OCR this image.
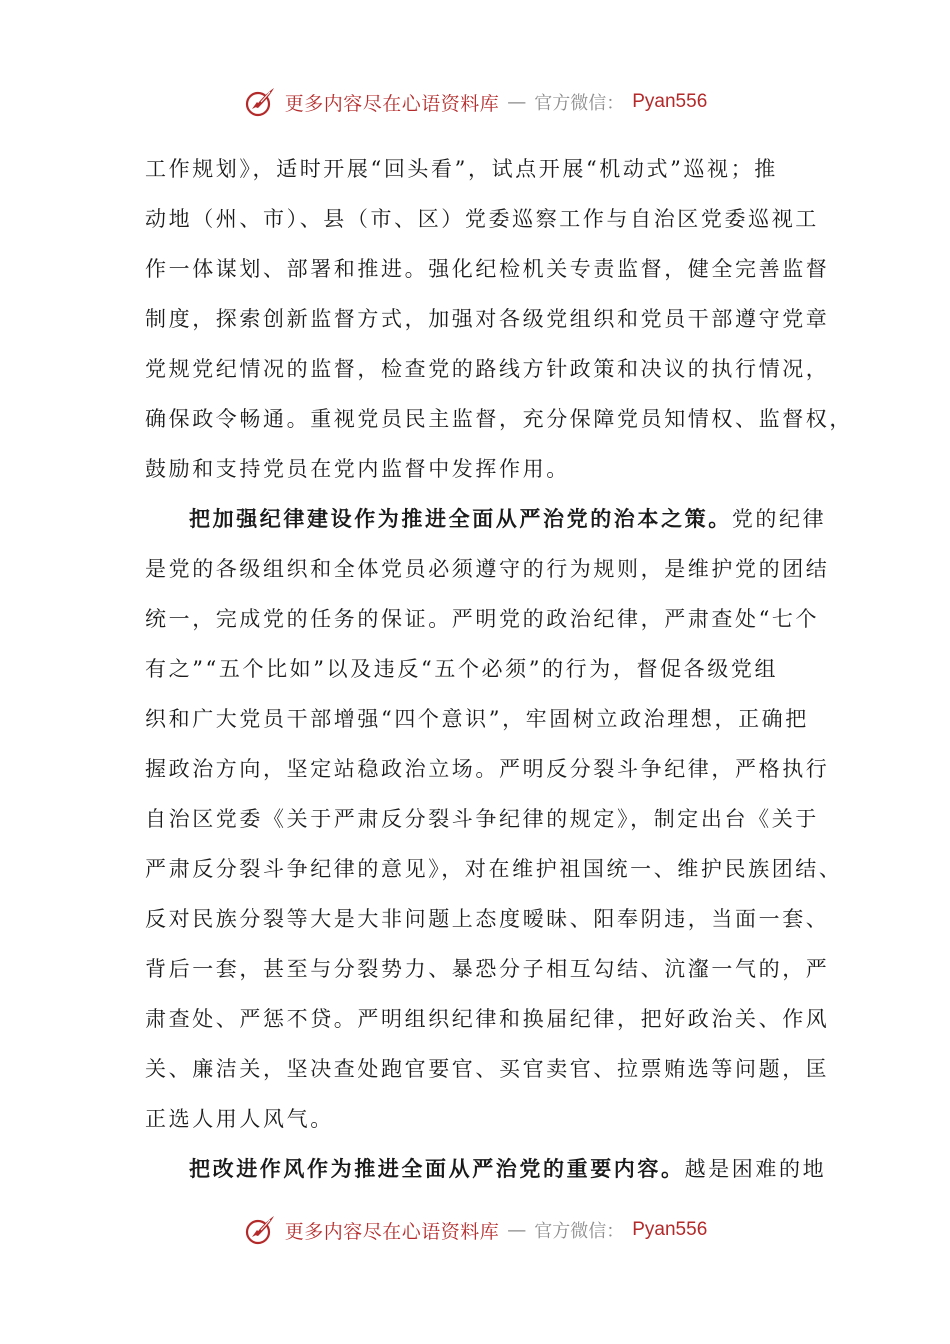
更多内容尽在心语资料库 — 官方微信： Pyan556
工作规划》，适时开展“回头看”，试点开展“机动式”巡视；推
动地（州、市）、县（市、区）党委巡察工作与自治区党委巡视工
作一体谋划、部署和推进。强化纪检机关专责监督，健全完善监督
制度，探索创新监督方式，加强对各级党组织和党员干部遵守党章
党规党纪情况的监督，检查党的路线方针政策和决议的执行情况，
确保政令畅通。重视党员民主监督，充分保障党员知情权、监督权，
鼓励和支持党员在党内监督中发挥作用。
把加强纪律建设作为推进全面从严治党的治本之策。党的纪律
是党的各级组织和全体党员必须遵守的行为规则，是维护党的团结
统一，完成党的任务的保证。严明党的政治纪律，严肃查处“七个
有之”“五个比如”以及违反“五个必须”的行为，督促各级党组
织和广大党员干部增强“四个意识”，牢固树立政治理想，正确把
握政治方向，坚定站稳政治立场。严明反分裂斗争纪律，严格执行
自治区党委《关于严肃反分裂斗争纪律的规定》，制定出台《关于
严肃反分裂斗争纪律的意见》，对在维护祖国统一、维护民族团结、
反对民族分裂等大是大非问题上态度暧昧、阳奉阴违，当面一套、
背后一套，甚至与分裂势力、暴恐分子相互勾结、沆瀣一气的，严
肃查处、严惩不贷。严明组织纪律和换届纪律，把好政治关、作风
关、廉洁关，坚决查处跑官要官、买官卖官、拉票贿选等问题，匡
正选人用人风气。
把改进作风作为推进全面从严治党的重要内容。越是困难的地
更多内容尽在心语资料库 — 官方微信： Pyan556
